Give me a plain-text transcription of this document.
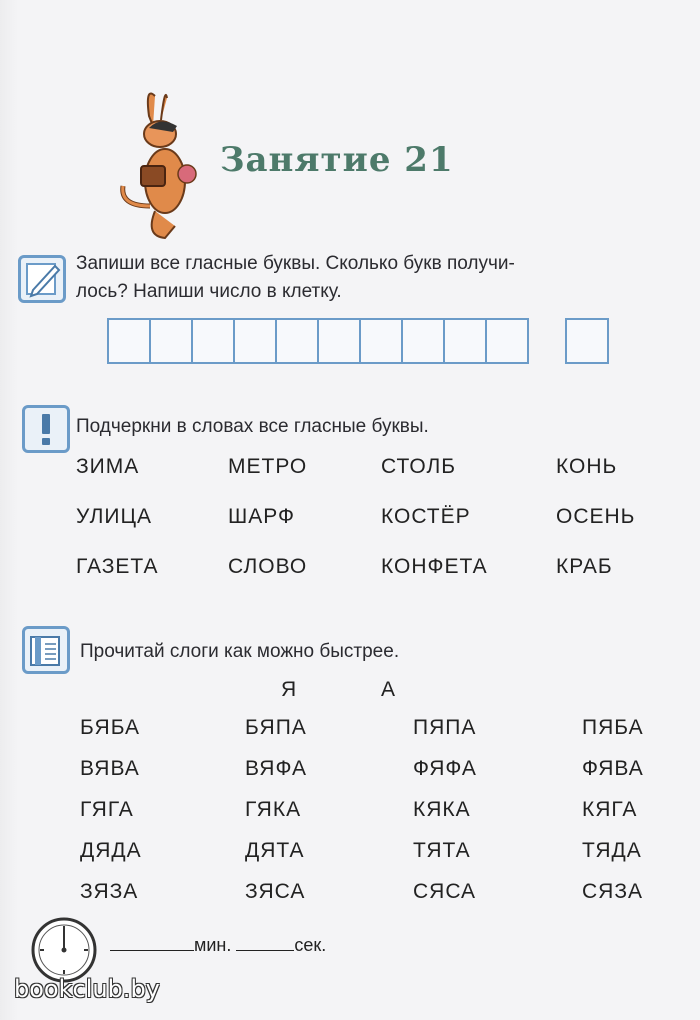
Занятие 21
Запиши все гласные буквы. Сколько букв получи-
лось? Напиши число в клетку.
Подчеркни в словах все гласные буквы.
ЗИМА	МЕТРО	СТОЛБ	КОНЬ
УЛИЦА	ШАРФ	КОСТЁР	ОСЕНЬ
ГАЗЕТА	СЛОВО	КОНФЕТА	КРАБ
Прочитай слоги как можно быстрее.
Я	А
БЯБА	БЯПА	ПЯПА	ПЯБА
ВЯВА	ВЯФА	ФЯФА	ФЯВА
ГЯГА	ГЯКА	КЯКА	КЯГА
ДЯДА	ДЯТА	ТЯТА	ТЯДА
ЗЯЗА	ЗЯСА	СЯСА	СЯЗА
мин.	сек.
bookclub.by
